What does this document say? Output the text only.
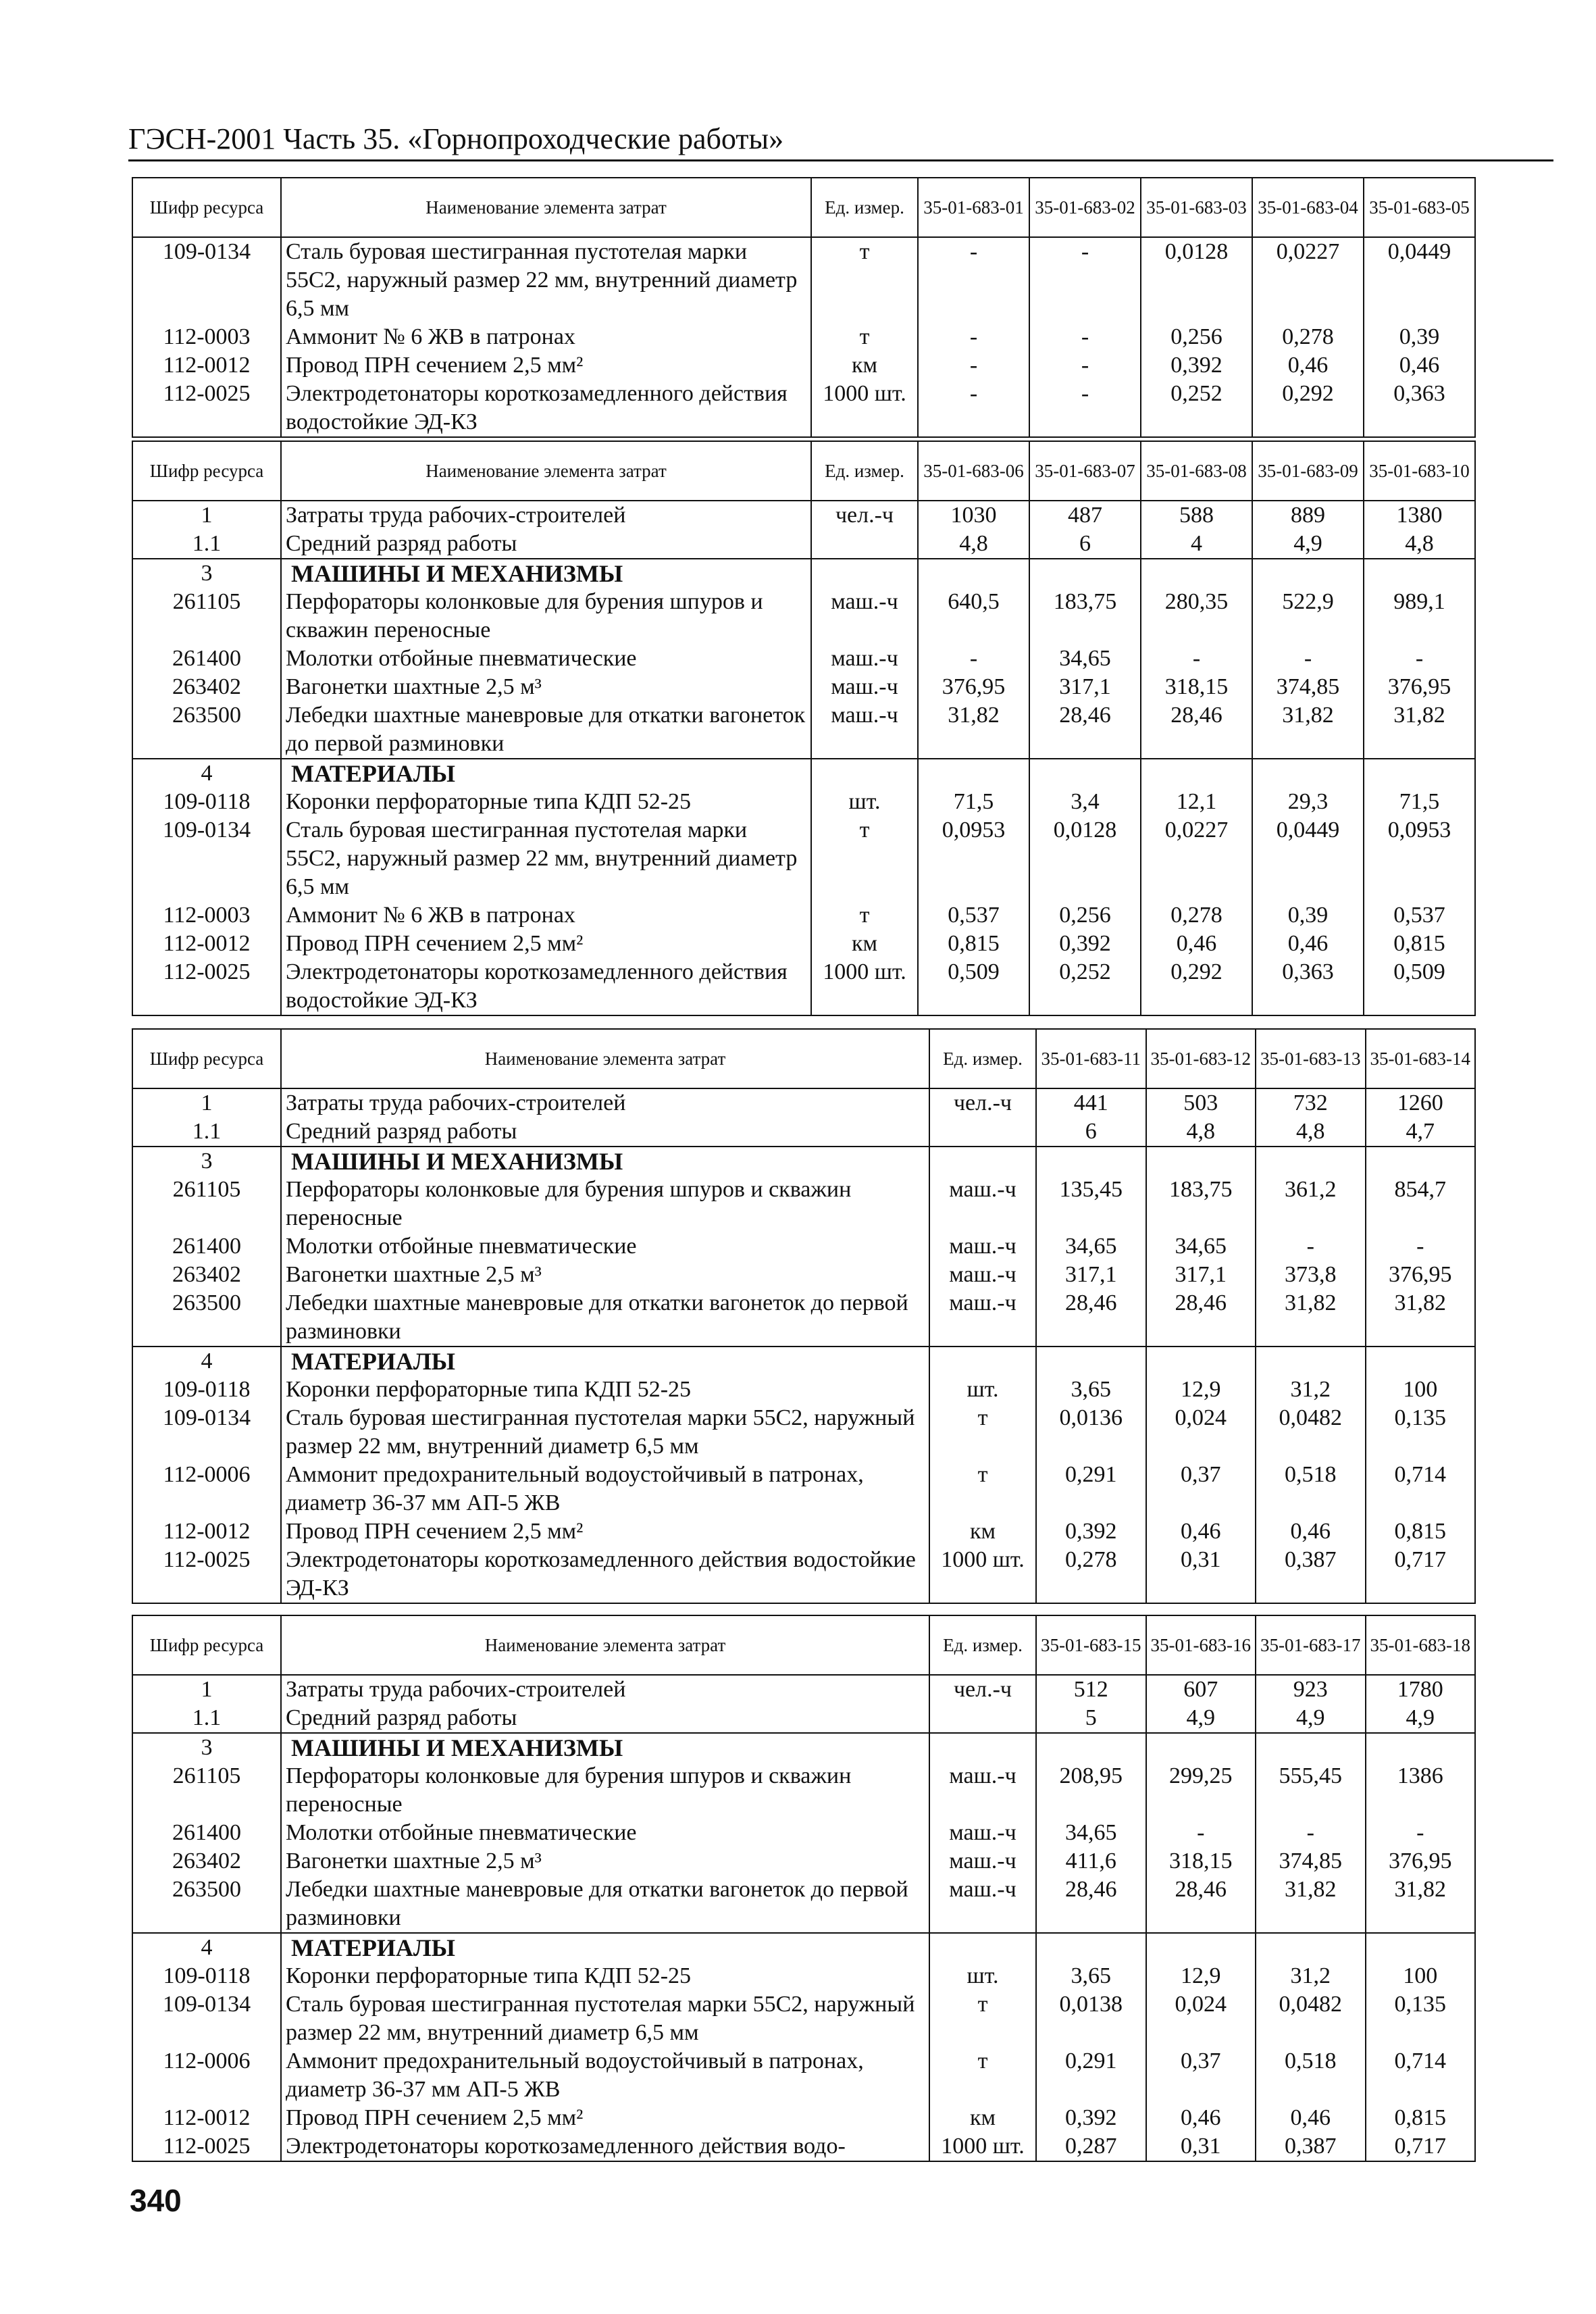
ГЭСН-2001 Часть 35. «Горнопроходческие работы»
Шифр ресурса	Наименование элемента затрат	Ед. измер.	35-01-683-01	35-01-683-02	35-01-683-03	35-01-683-04	35-01-683-05
109-0134	Сталь буровая шестигранная пустотелая марки 55С2, наружный размер 22 мм, внутренний диаметр 6,5 мм	т	-	-	0,0128	0,0227	0,0449
112-0003	Аммонит № 6 ЖВ в патронах	т	-	-	0,256	0,278	0,39
112-0012	Провод ПРН сечением 2,5 мм²	км	-	-	0,392	0,46	0,46
112-0025	Электродетонаторы короткозамедленного действия водостойкие ЭД-КЗ	1000 шт.	-	-	0,252	0,292	0,363
Шифр ресурса	Наименование элемента затрат	Ед. измер.	35-01-683-06	35-01-683-07	35-01-683-08	35-01-683-09	35-01-683-10
1	Затраты труда рабочих-строителей	чел.-ч	1030	487	588	889	1380
1.1	Средний разряд работы		4,8	6	4	4,9	4,8
3	МАШИНЫ И МЕХАНИЗМЫ						
261105	Перфораторы колонковые для бурения шпуров и скважин переносные	маш.-ч	640,5	183,75	280,35	522,9	989,1
261400	Молотки отбойные пневматические	маш.-ч	-	34,65	-	-	-
263402	Вагонетки шахтные 2,5 м³	маш.-ч	376,95	317,1	318,15	374,85	376,95
263500	Лебедки шахтные маневровые для откатки вагонеток до первой разминовки	маш.-ч	31,82	28,46	28,46	31,82	31,82
4	МАТЕРИАЛЫ						
109-0118	Коронки перфораторные типа КДП 52-25	шт.	71,5	3,4	12,1	29,3	71,5
109-0134	Сталь буровая шестигранная пустотелая марки 55С2, наружный размер 22 мм, внутренний диаметр 6,5 мм	т	0,0953	0,0128	0,0227	0,0449	0,0953
112-0003	Аммонит № 6 ЖВ в патронах	т	0,537	0,256	0,278	0,39	0,537
112-0012	Провод ПРН сечением 2,5 мм²	км	0,815	0,392	0,46	0,46	0,815
112-0025	Электродетонаторы короткозамедленного действия водостойкие ЭД-КЗ	1000 шт.	0,509	0,252	0,292	0,363	0,509
Шифр ресурса	Наименование элемента затрат	Ед. измер.	35-01-683-11	35-01-683-12	35-01-683-13	35-01-683-14
1	Затраты труда рабочих-строителей	чел.-ч	441	503	732	1260
1.1	Средний разряд работы		6	4,8	4,8	4,7
3	МАШИНЫ И МЕХАНИЗМЫ					
261105	Перфораторы колонковые для бурения шпуров и скважин переносные	маш.-ч	135,45	183,75	361,2	854,7
261400	Молотки отбойные пневматические	маш.-ч	34,65	34,65	-	-
263402	Вагонетки шахтные 2,5 м³	маш.-ч	317,1	317,1	373,8	376,95
263500	Лебедки шахтные маневровые для откатки вагонеток до первой разминовки	маш.-ч	28,46	28,46	31,82	31,82
4	МАТЕРИАЛЫ					
109-0118	Коронки перфораторные типа КДП 52-25	шт.	3,65	12,9	31,2	100
109-0134	Сталь буровая шестигранная пустотелая марки 55С2, наружный размер 22 мм, внутренний диаметр 6,5 мм	т	0,0136	0,024	0,0482	0,135
112-0006	Аммонит предохранительный водоустойчивый в патронах, диаметр 36-37 мм АП-5 ЖВ	т	0,291	0,37	0,518	0,714
112-0012	Провод ПРН сечением 2,5 мм²	км	0,392	0,46	0,46	0,815
112-0025	Электродетонаторы короткозамедленного действия водостойкие ЭД-КЗ	1000 шт.	0,278	0,31	0,387	0,717
Шифр ресурса	Наименование элемента затрат	Ед. измер.	35-01-683-15	35-01-683-16	35-01-683-17	35-01-683-18
1	Затраты труда рабочих-строителей	чел.-ч	512	607	923	1780
1.1	Средний разряд работы		5	4,9	4,9	4,9
3	МАШИНЫ И МЕХАНИЗМЫ					
261105	Перфораторы колонковые для бурения шпуров и скважин переносные	маш.-ч	208,95	299,25	555,45	1386
261400	Молотки отбойные пневматические	маш.-ч	34,65	-	-	-
263402	Вагонетки шахтные 2,5 м³	маш.-ч	411,6	318,15	374,85	376,95
263500	Лебедки шахтные маневровые для откатки вагонеток до первой разминовки	маш.-ч	28,46	28,46	31,82	31,82
4	МАТЕРИАЛЫ					
109-0118	Коронки перфораторные типа КДП 52-25	шт.	3,65	12,9	31,2	100
109-0134	Сталь буровая шестигранная пустотелая марки 55С2, наружный размер 22 мм, внутренний диаметр 6,5 мм	т	0,0138	0,024	0,0482	0,135
112-0006	Аммонит предохранительный водоустойчивый в патронах, диаметр 36-37 мм АП-5 ЖВ	т	0,291	0,37	0,518	0,714
112-0012	Провод ПРН сечением 2,5 мм²	км	0,392	0,46	0,46	0,815
112-0025	Электродетонаторы короткозамедленного действия водо-	1000 шт.	0,287	0,31	0,387	0,717
340
